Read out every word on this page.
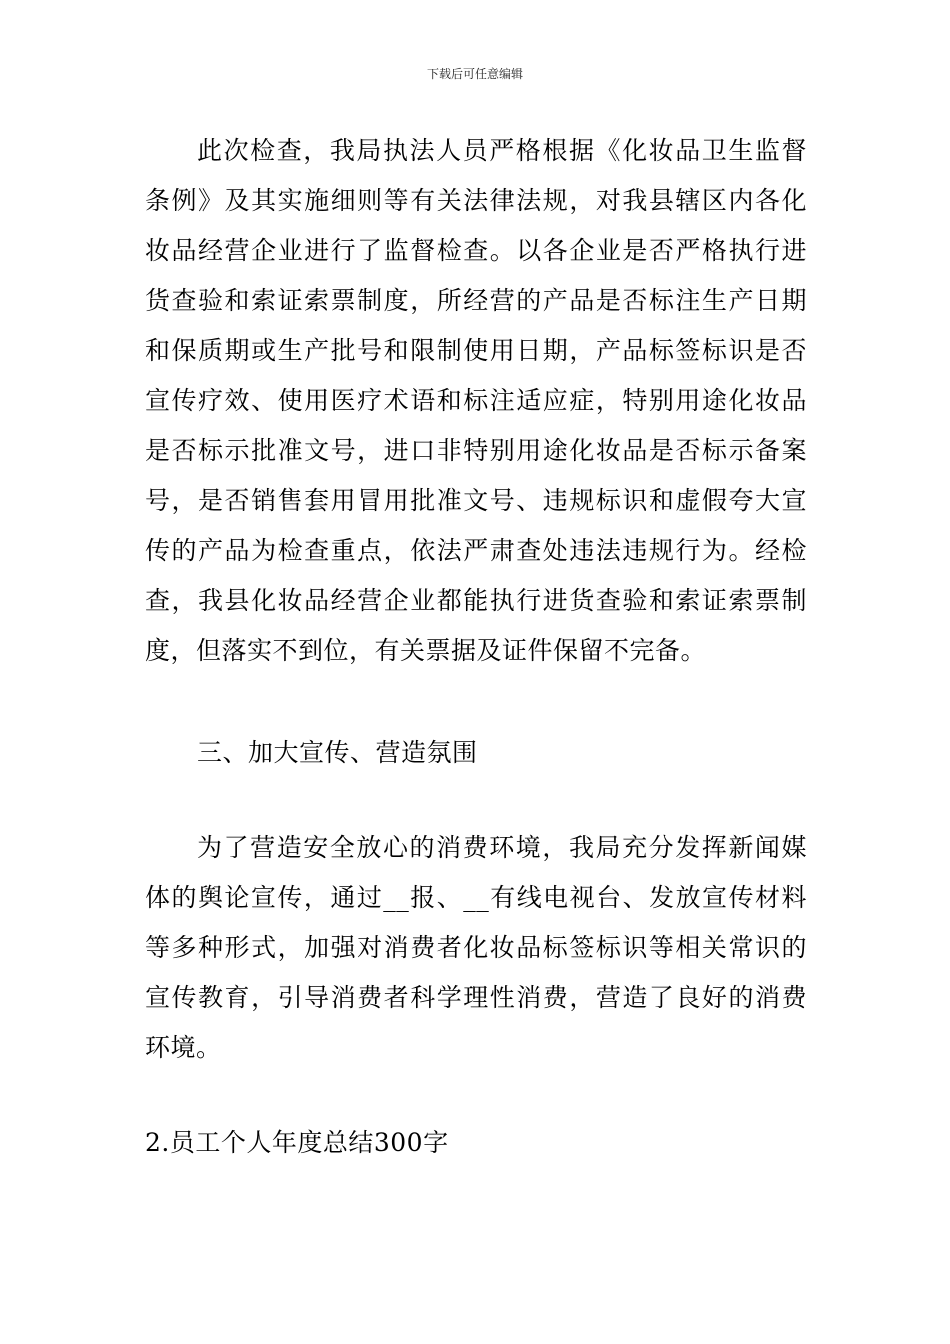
下载后可任意编辑
此次检查，我局执法人员严格根据《化妆品卫生监督条例》及其实施细则等有关法律法规，对我县辖区内各化妆品经营企业进行了监督检查。以各企业是否严格执行进货查验和索证索票制度，所经营的产品是否标注生产日期和保质期或生产批号和限制使用日期，产品标签标识是否宣传疗效、使用医疗术语和标注适应症，特别用途化妆品是否标示批准文号，进口非特别用途化妆品是否标示备案号，是否销售套用冒用批准文号、违规标识和虚假夸大宣传的产品为检查重点，依法严肃查处违法违规行为。经检查，我县化妆品经营企业都能执行进货查验和索证索票制度，但落实不到位，有关票据及证件保留不完备。
三、加大宣传、营造氛围
为了营造安全放心的消费环境，我局充分发挥新闻媒体的舆论宣传，通过__报、__有线电视台、发放宣传材料等多种形式，加强对消费者化妆品标签标识等相关常识的宣传教育，引导消费者科学理性消费，营造了良好的消费环境。
2.员工个人年度总结300字
